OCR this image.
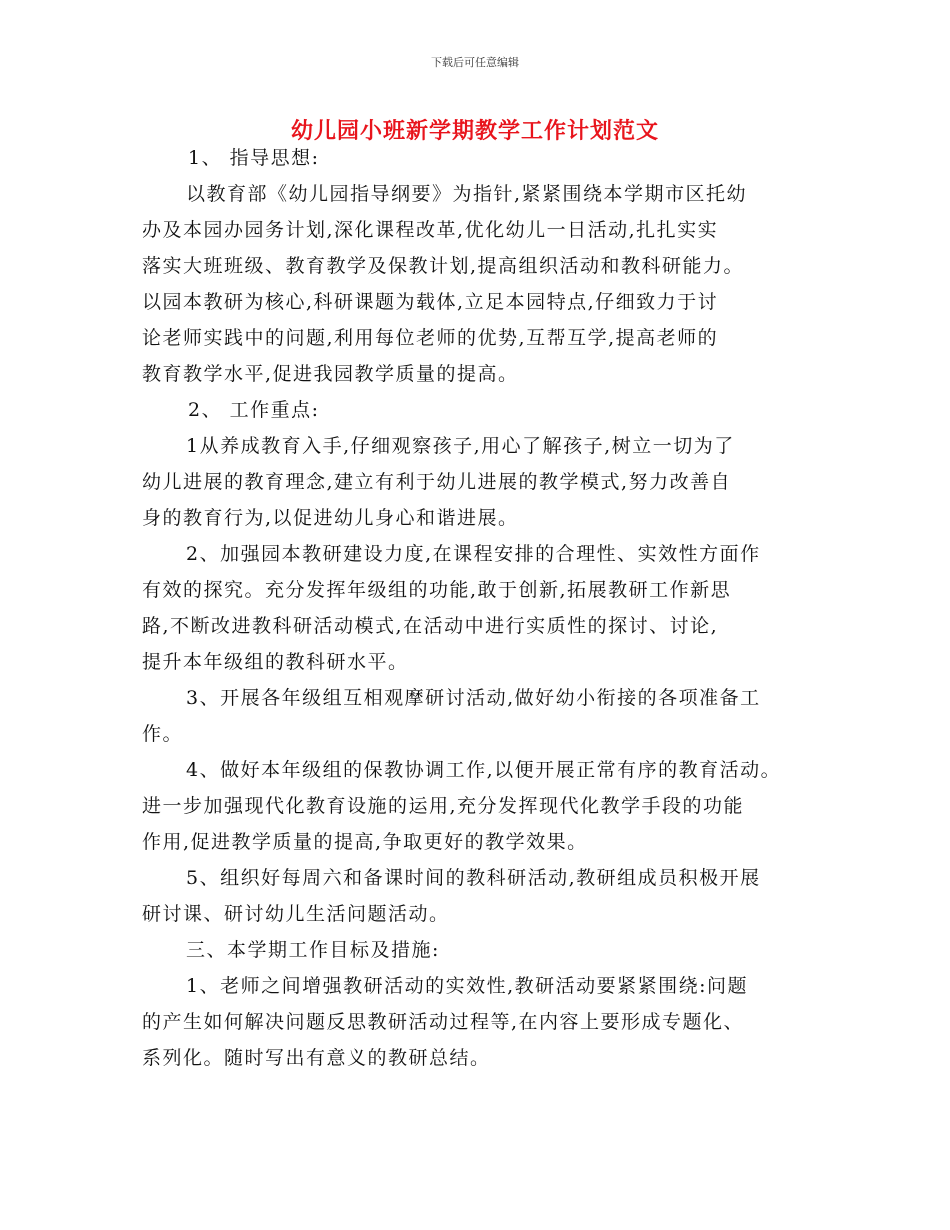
下载后可任意编辑
幼儿园小班新学期教学工作计划范文
1、 指导思想:
以教育部《幼儿园指导纲要》为指针,紧紧围绕本学期市区托幼
办及本园办园务计划,深化课程改革,优化幼儿一日活动,扎扎实实
落实大班班级、教育教学及保教计划,提高组织活动和教科研能力。
以园本教研为核心,科研课题为载体,立足本园特点,仔细致力于讨
论老师实践中的问题,利用每位老师的优势,互帮互学,提高老师的
教育教学水平,促进我园教学质量的提高。
2、 工作重点:
1从养成教育入手,仔细观察孩子,用心了解孩子,树立一切为了
幼儿进展的教育理念,建立有利于幼儿进展的教学模式,努力改善自
身的教育行为,以促进幼儿身心和谐进展。
2、加强园本教研建设力度,在课程安排的合理性、实效性方面作
有效的探究。充分发挥年级组的功能,敢于创新,拓展教研工作新思
路,不断改进教科研活动模式,在活动中进行实质性的探讨、讨论,
提升本年级组的教科研水平。
3、开展各年级组互相观摩研讨活动,做好幼小衔接的各项准备工
作。
4、做好本年级组的保教协调工作,以便开展正常有序的教育活动。
进一步加强现代化教育设施的运用,充分发挥现代化教学手段的功能
作用,促进教学质量的提高,争取更好的教学效果。
5、组织好每周六和备课时间的教科研活动,教研组成员积极开展
研讨课、研讨幼儿生活问题活动。
三、本学期工作目标及措施:
1、老师之间增强教研活动的实效性,教研活动要紧紧围绕:问题
的产生如何解决问题反思教研活动过程等,在内容上要形成专题化、
系列化。随时写出有意义的教研总结。
